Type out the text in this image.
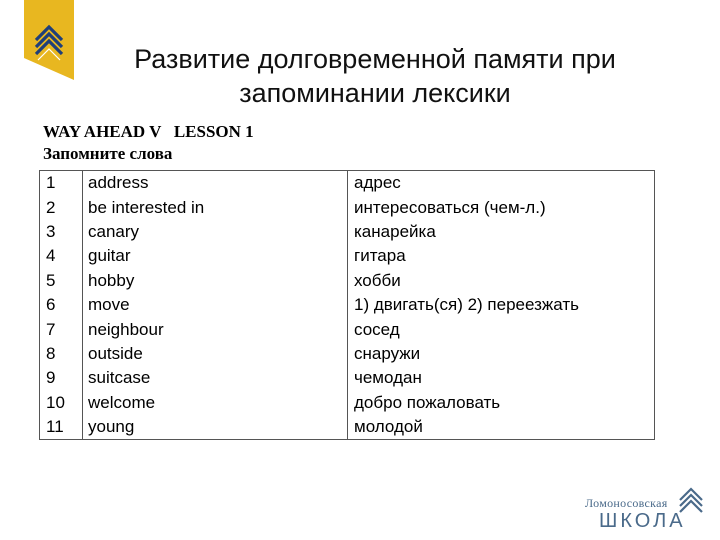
Развитие долговременной памяти при
запоминании лексики
WAY AHEAD V   LESSON 1
Запомните слова
1	address	адрес
2	be interested in	интересоваться (чем-л.)
3	canary	канарейка
4	guitar	гитара
5	hobby	хобби
6	move	1) двигать(ся) 2) переезжать
7	neighbour	сосед
8	outside	снаружи
9	suitcase	чемодан
10	welcome	добро пожаловать
11	young	молодой
Ломоносовская
ШКОЛА
